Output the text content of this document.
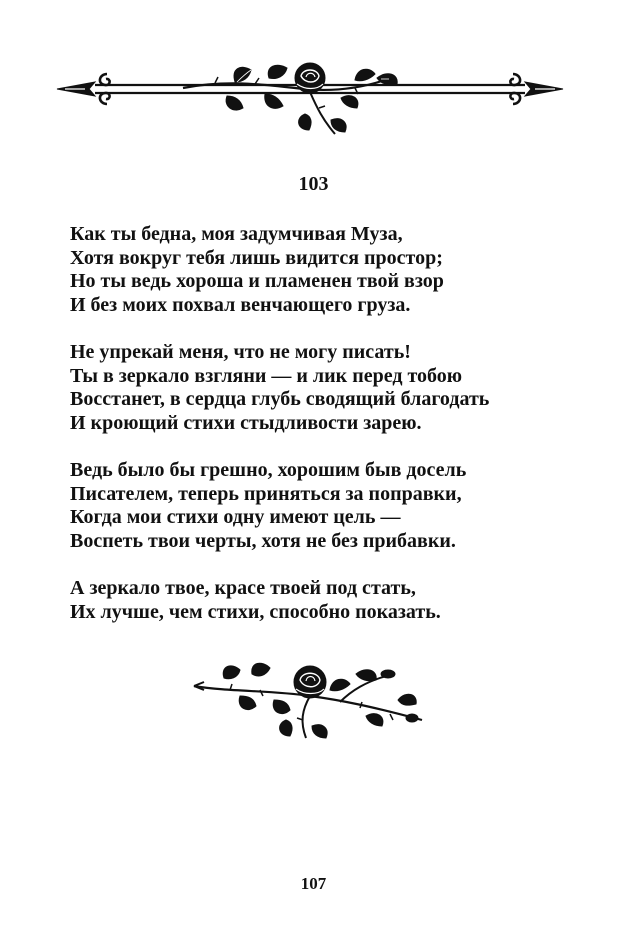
103
Как ты бедна, моя задумчивая Муза,
Хотя вокруг тебя лишь видится простор;
Но ты ведь хороша и пламенен твой взор
И без моих похвал венчающего груза.
Не упрекай меня, что не могу писать!
Ты в зеркало взгляни — и лик перед тобою
Восстанет, в сердца глубь сводящий благодать
И кроющий стихи стыдливости зарею.
Ведь было бы грешно, хорошим быв досель
Писателем, теперь приняться за поправки,
Когда мои стихи одну имеют цель —
Воспеть твои черты, хотя не без прибавки.
А зеркало твое, красе твоей под стать,
Их лучше, чем стихи, способно показать.
107
